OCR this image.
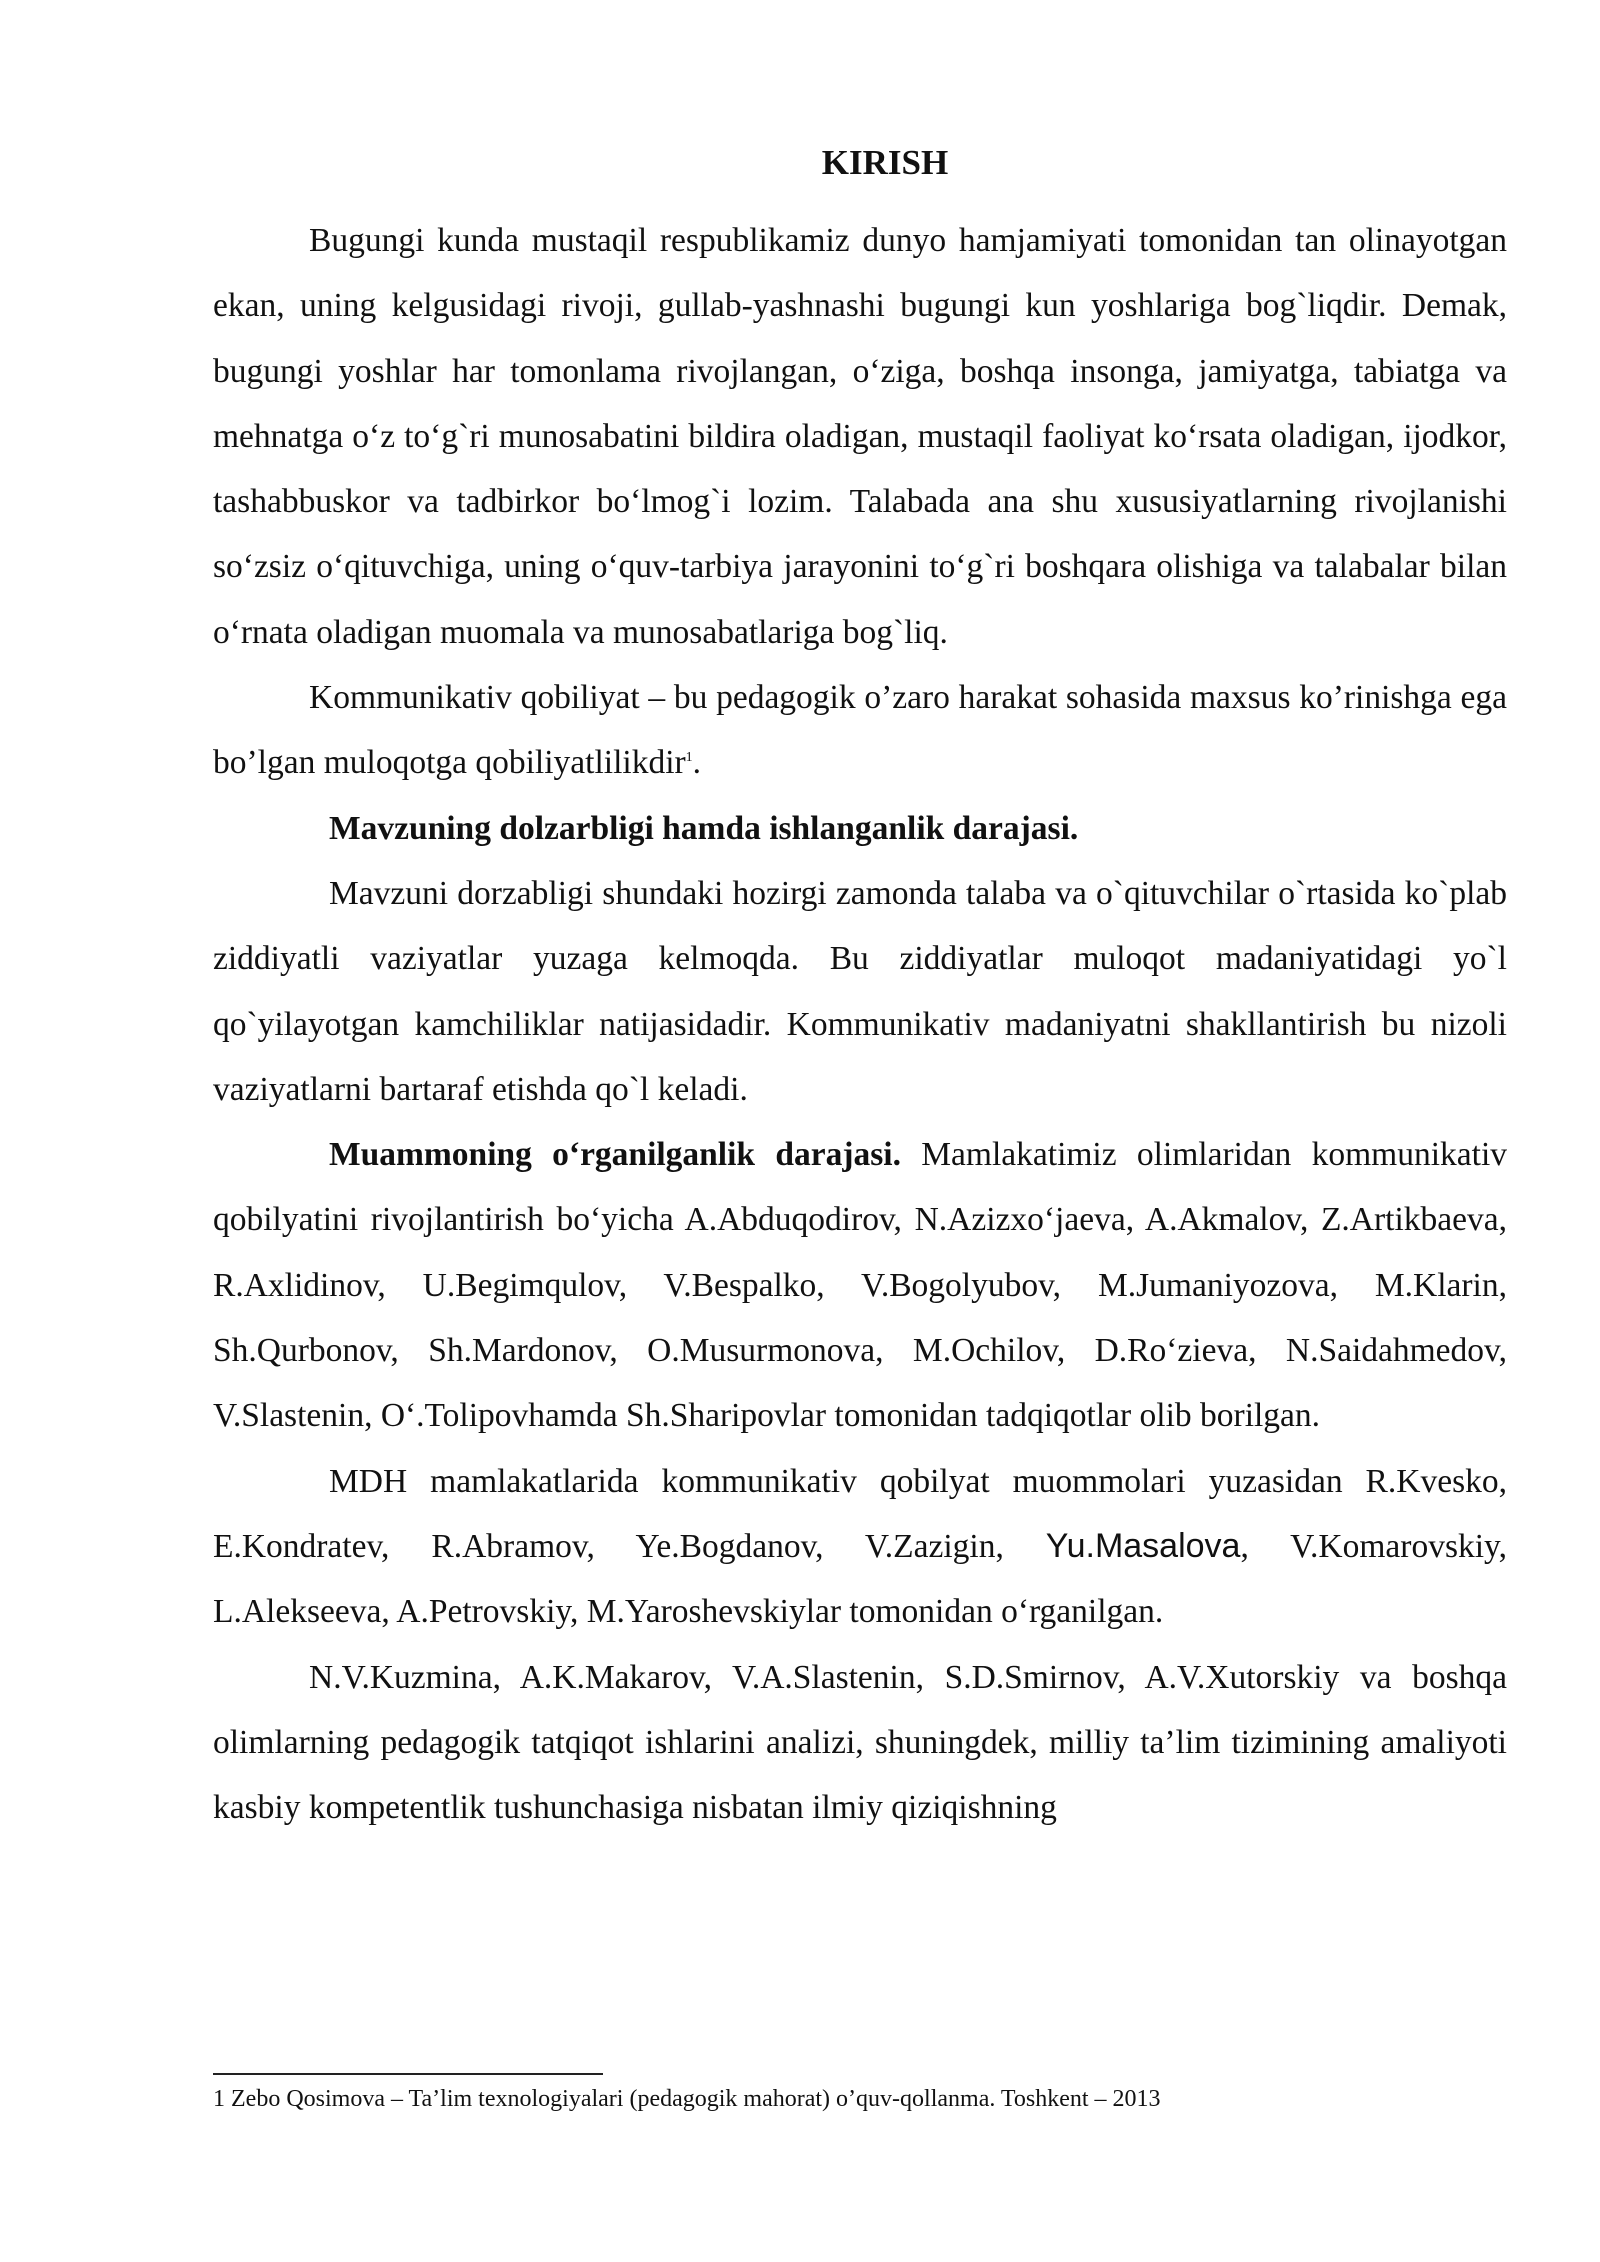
KIRISH

Bugungi kunda mustaqil respublikamiz dunyo hamjamiyati tomonidan tan olinayotgan ekan, uning kelgusidagi rivoji, gullab-yashnashi bugungi kun yoshlariga bog`liqdir. Demak, bugungi yoshlar har tomonlama rivojlangan, o‘ziga, boshqa insonga, jamiyatga, tabiatga va mehnatga o‘z to‘g`ri munosabatini bildira oladigan, mustaqil faoliyat ko‘rsata oladigan, ijodkor, tashabbuskor va tadbirkor bo‘lmog`i lozim. Talabada ana shu xususiyatlarning rivojlanishi so‘zsiz o‘qituvchiga, uning o‘quv-tarbiya jarayonini to‘g`ri boshqara olishiga va talabalar bilan o‘rnata oladigan muomala va munosabatlariga bog`liq.

Kommunikativ qobiliyat – bu pedagogik o’zaro harakat sohasida maxsus ko’rinishga ega bo’lgan muloqotga qobiliyatlilikdir$^1$.

Mavzuning dolzarbligi hamda ishlanganlik darajasi.

Mavzuni dorzabligi shundaki hozirgi zamonda talaba va o`qituvchilar o`rtasida ko`plab ziddiyatli vaziyatlar yuzaga kelmoqda. Bu ziddiyatlar muloqot madaniyatidagi yo`l qo`yilayotgan kamchiliklar natijasidadir. Kommunikativ madaniyatni shakllantirish bu nizoli vaziyatlarni bartaraf etishda qo`l keladi.

Muammoning o‘rganilganlik darajasi. Mamlakatimiz olimlaridan kommunikativ qobilyatini rivojlantirish bo‘yicha A.Abduqodirov, N.Azizxo‘jaeva, A.Akmalov, Z.Artikbaeva, R.Axlidinov, U.Begimqulov, V.Bespalko, V.Bogolyubov, M.Jumaniyozova, M.Klarin, Sh.Qurbonov, Sh.Mardonov, O.Musurmonova, M.Ochilov, D.Ro‘zieva, N.Saidahmedov, V.Slastenin, O‘.Tolipovhamda Sh.Sharipovlar tomonidan tadqiqotlar olib borilgan.

MDH mamlakatlarida kommunikativ qobilyat muommolari yuzasidan R.Kvesko, E.Kondratev, R.Abramov, Ye.Bogdanov, V.Zazigin, Yu.Masalova, V.Komarovskiy, L.Alekseeva, A.Petrovskiy, M.Yaroshevskiylar tomonidan o‘rganilgan.

N.V.Kuzmina, A.K.Makarov, V.A.Slastenin, S.D.Smirnov, A.V.Xutorskiy va boshqa olimlarning pedagogik tatqiqot ishlarini analizi, shuningdek, milliy ta’lim tizimining amaliyoti kasbiy kompetentlik tushunchasiga nisbatan ilmiy qiziqishning

1 Zebo Qosimova – Ta’lim texnologiyalari (pedagogik mahorat) o’quv-qollanma. Toshkent – 2013
